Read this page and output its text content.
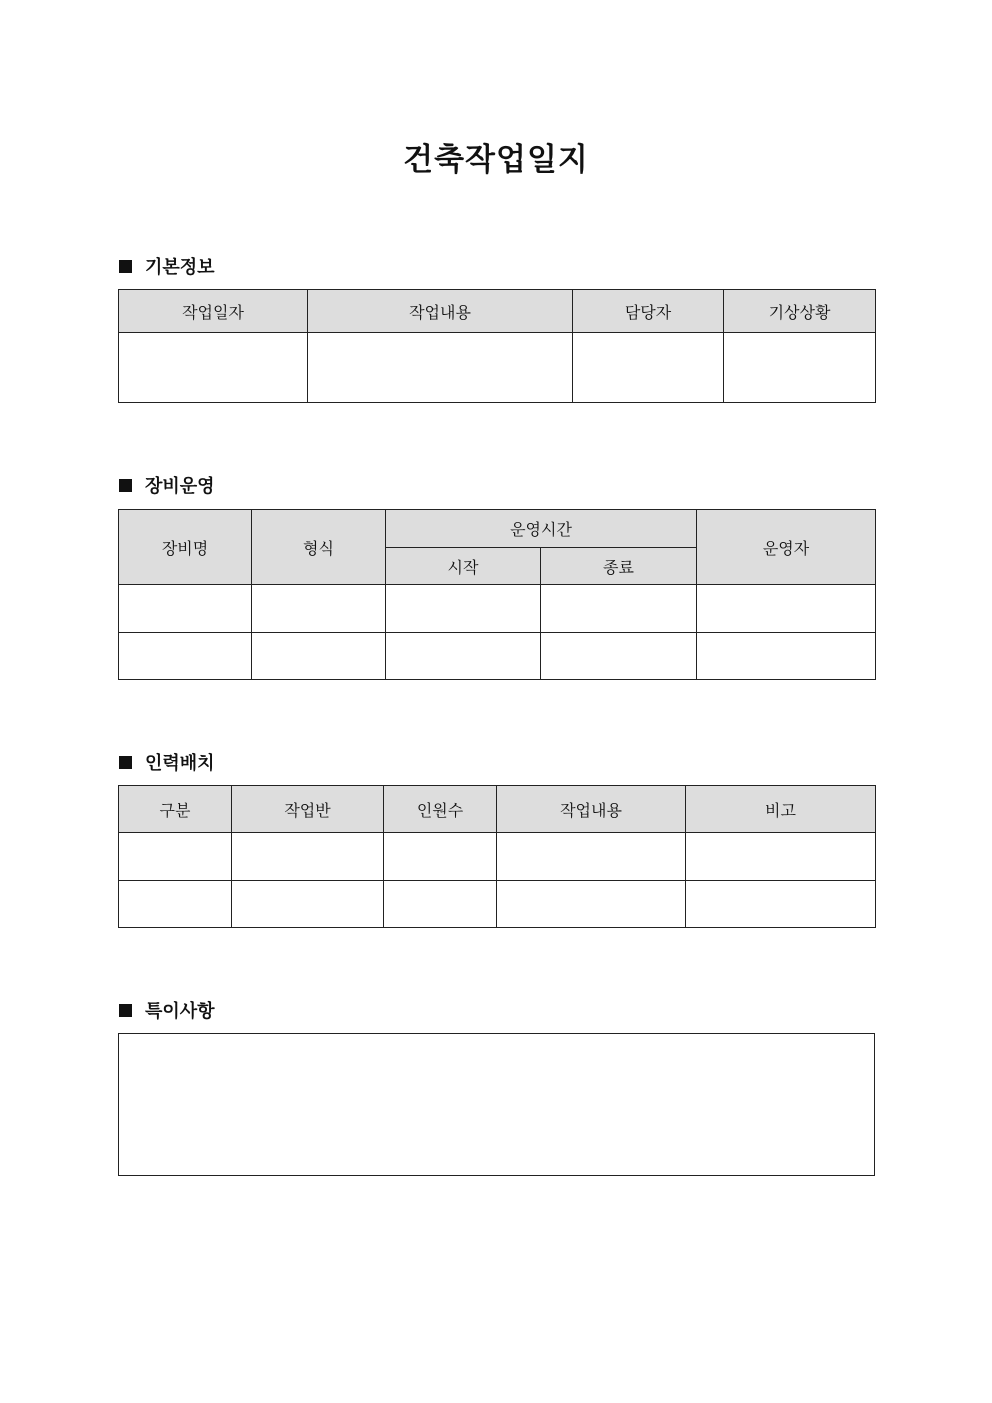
건축작업일지
기본정보
작업일자	작업내용	담당자	기상상황

장비운영
장비명	형식	운영시간		운영자
		시작	종료	

인력배치
구분	작업반	인원수	작업내용	비고

특이사항
